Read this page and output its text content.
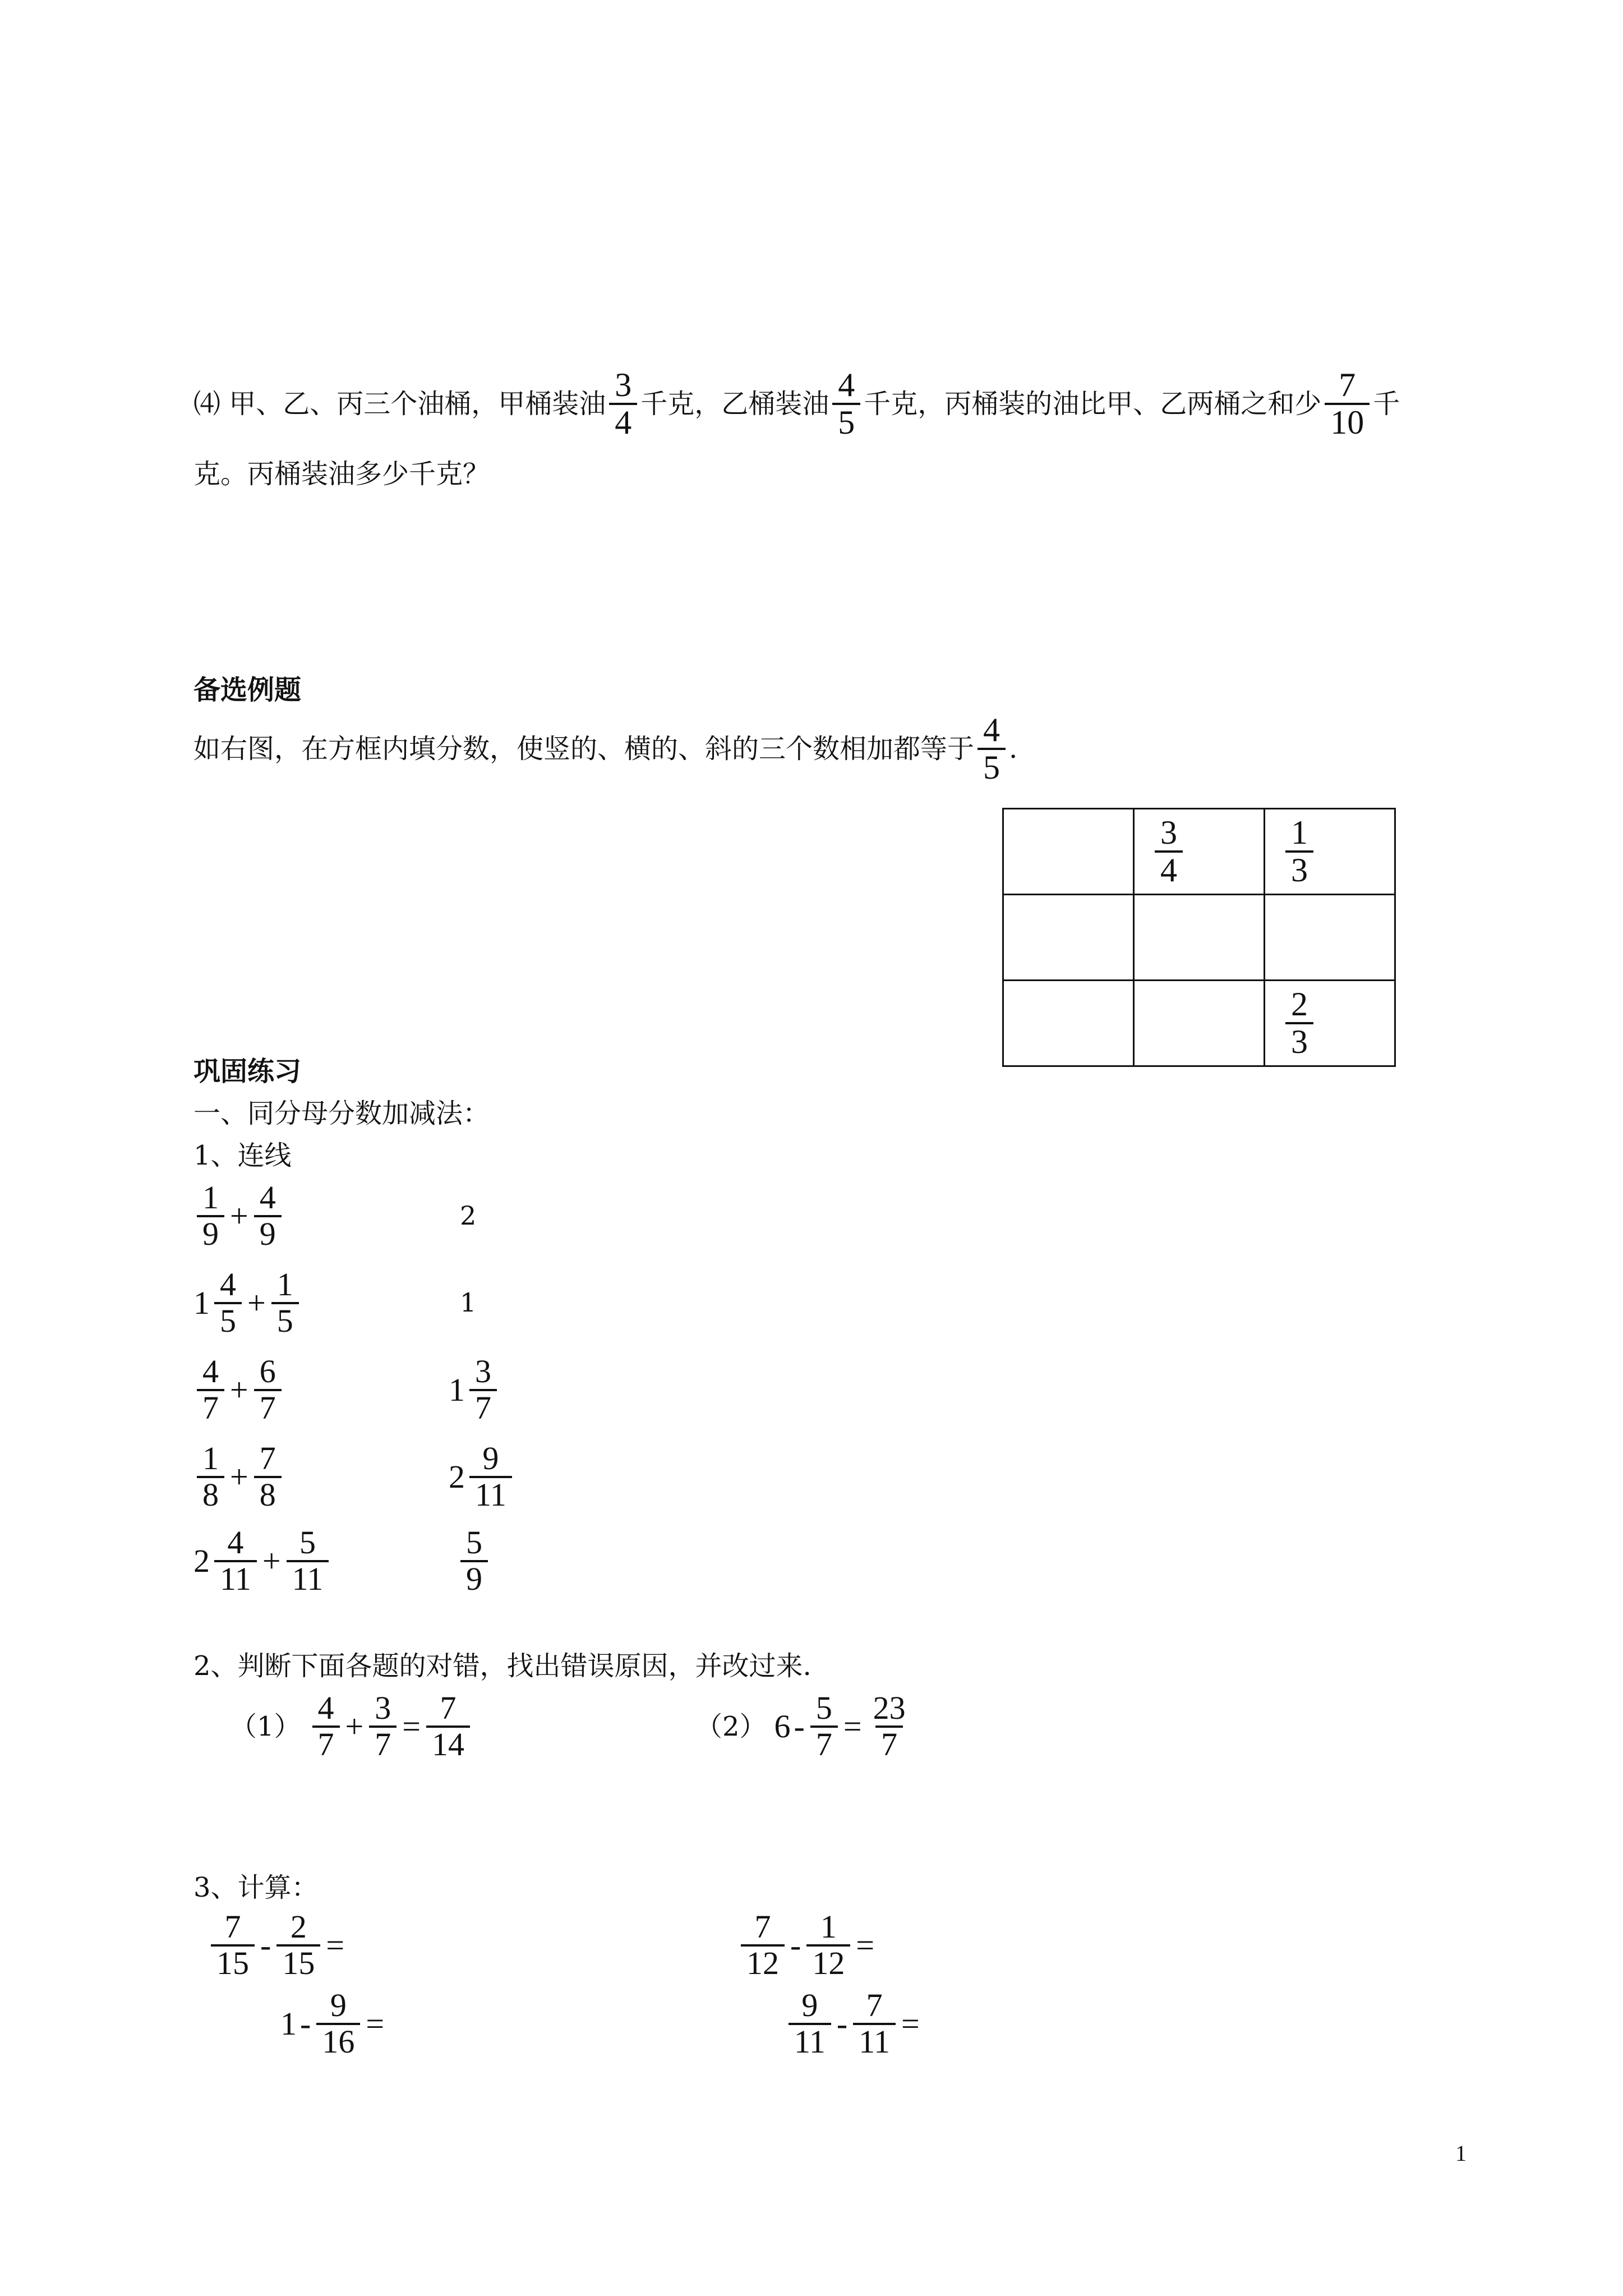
⑷ 甲、乙、丙三个油桶，甲桶装油 $\frac{3}{4}$ 千克，乙桶装油 $\frac{4}{5}$ 千克，丙桶装的油比甲、乙两桶之和少 $\frac{7}{10}$ 千
克。丙桶装油多少千克？
备选例题
如右图，在方框内填分数，使竖的、横的、斜的三个数相加都等于 $\frac{4}{5}$ .

	$\frac{3}{4}$	$\frac{1}{3}$

		$\frac{2}{3}$
巩固练习
一、同分母分数加减法：
1、连线
$\frac{1}{9} + \frac{4}{9}$
$1 \frac{4}{5} + \frac{1}{5}$
$\frac{4}{7} + \frac{6}{7}$
$\frac{1}{8} + \frac{7}{8}$
$2 \frac{4}{11} + \frac{5}{11}$
2
1
$1 \frac{3}{7}$
$2 \frac{9}{11}$
$\frac{5}{9}$
2、判断下面各题的对错，找出错误原因，并改过来.
$(1) \frac{4}{7} + \frac{3}{7} = \frac{7}{14}$	（2） $6 - \frac{5}{7} = \frac{23}{7}$
3、计算：
$\frac{7}{15} - \frac{2}{15}$ =
$1 - \frac{9}{16}$ =
$\frac{7}{12} - \frac{1}{12}$ =
$\frac{9}{11} - \frac{7}{11}$ =
1
